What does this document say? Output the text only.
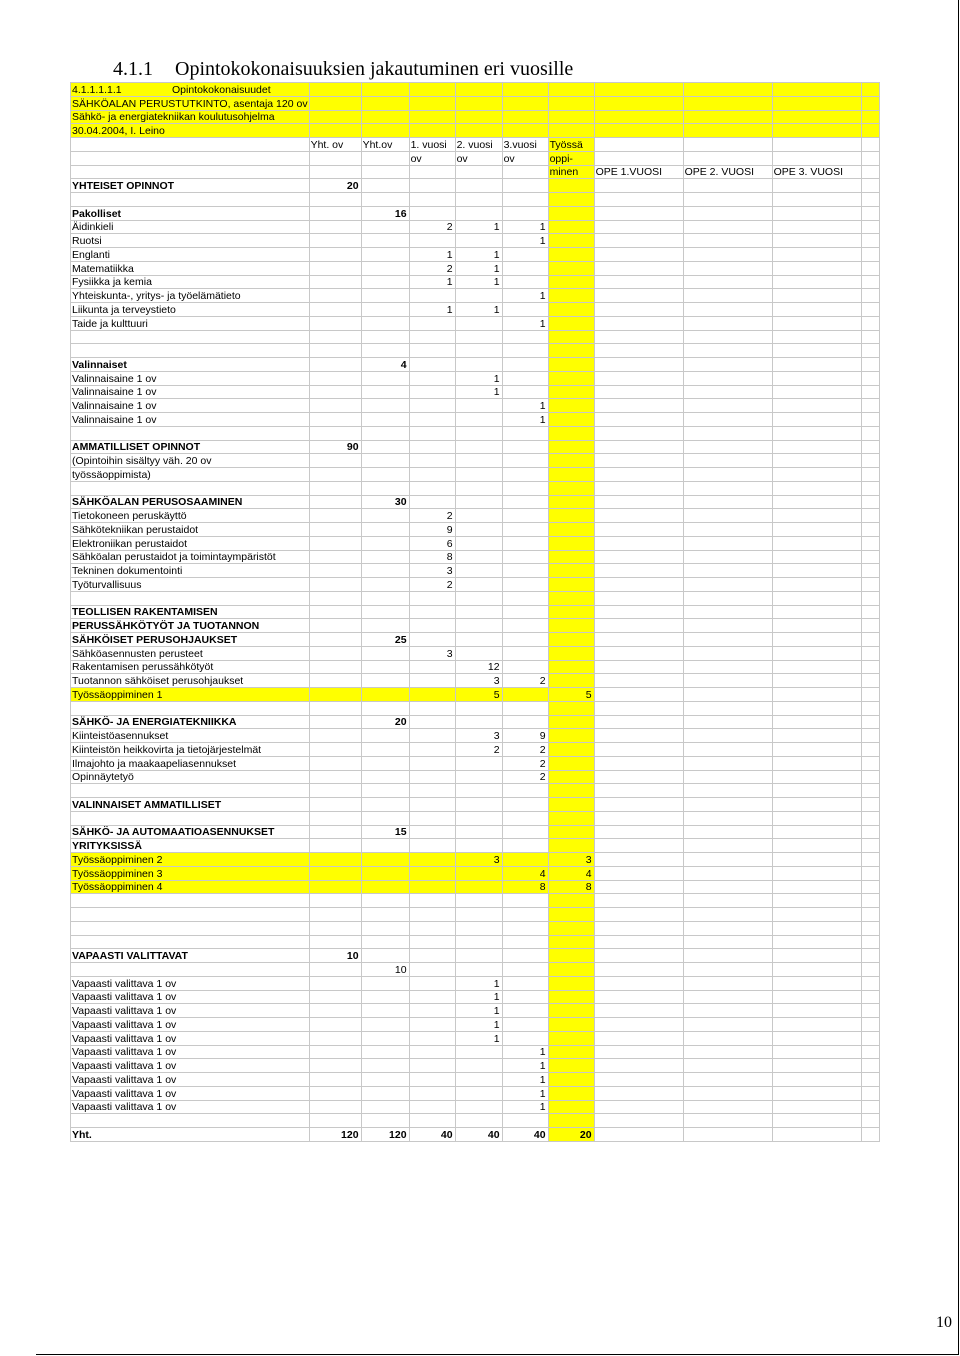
4.1.1 Opintokokonaisuuksien jakautuminen eri vuosille
4.1.1.1.1.1 Opintokokonaisuudet										

SÄHKÖALAN PERUSTUTKINTO, asentaja 120 ov										
Sähkö- ja energiatekniikan koulutusohjelma										
30.04.2004, I. Leino										
	Yht. ov	Yht.ov	1. vuosi	2. vuosi	3.vuosi	Työssä				
			ov	ov	ov	oppi-				
						minen	OPE 1.VUOSI	OPE 2. VUOSI	OPE 3. VUOSI	
YHTEISET OPINNOT	20									

Pakolliset		16								
Äidinkieli			2	1	1					
Ruotsi					1					
Englanti			1	1						
Matematiikka			2	1						
Fysiikka ja kemia			1	1						
Yhteiskunta-, yritys- ja työelämätieto					1					
Liikunta ja terveystieto			1	1						
Taide ja kulttuuri					1					

Valinnaiset		4								
Valinnaisaine 1 ov				1						
Valinnaisaine 1 ov				1						
Valinnaisaine 1 ov					1					
Valinnaisaine 1 ov					1					

AMMATILLISET OPINNOT	90									
(Opintoihin sisältyy väh. 20 ov										
työssäoppimista)										

SÄHKÖALAN PERUSOSAAMINEN		30								
Tietokoneen peruskäyttö			2							
Sähkötekniikan perustaidot			9							
Elektroniikan perustaidot			6							
Sähköalan perustaidot ja toimintaympäristöt			8							
Tekninen dokumentointi			3							
Työturvallisuus			2							

TEOLLISEN RAKENTAMISEN										
PERUSSÄHKÖTYÖT JA TUOTANNON										
SÄHKÖISET PERUSOHJAUKSET		25								
Sähköasennusten perusteet			3							
Rakentamisen perussähkötyöt				12						
Tuotannon sähköiset perusohjaukset				3	2					
Työssäoppiminen 1				5		5				

SÄHKÖ- JA ENERGIATEKNIIKKA		20								
Kiinteistöasennukset				3	9					
Kiinteistön heikkovirta ja tietojärjestelmät				2	2					
Ilmajohto ja maakaapeliasennukset					2					
Opinnäytetyö					2					

VALINNAISET AMMATILLISET										

SÄHKÖ- JA AUTOMAATIOASENNUKSET		15								
YRITYKSISSÄ										
Työssäoppiminen 2				3		3				
Työssäoppiminen 3					4	4				
Työssäoppiminen 4					8	8				

VAPAASTI VALITTAVAT	10									
		10								
Vapaasti valittava 1 ov				1						
Vapaasti valittava 1 ov				1						
Vapaasti valittava 1 ov				1						
Vapaasti valittava 1 ov				1						
Vapaasti valittava 1 ov				1						
Vapaasti valittava 1 ov					1					
Vapaasti valittava 1 ov					1					
Vapaasti valittava 1 ov					1					
Vapaasti valittava 1 ov					1					
Vapaasti valittava 1 ov					1					

Yht.	120	120	40	40	40	20				
10
